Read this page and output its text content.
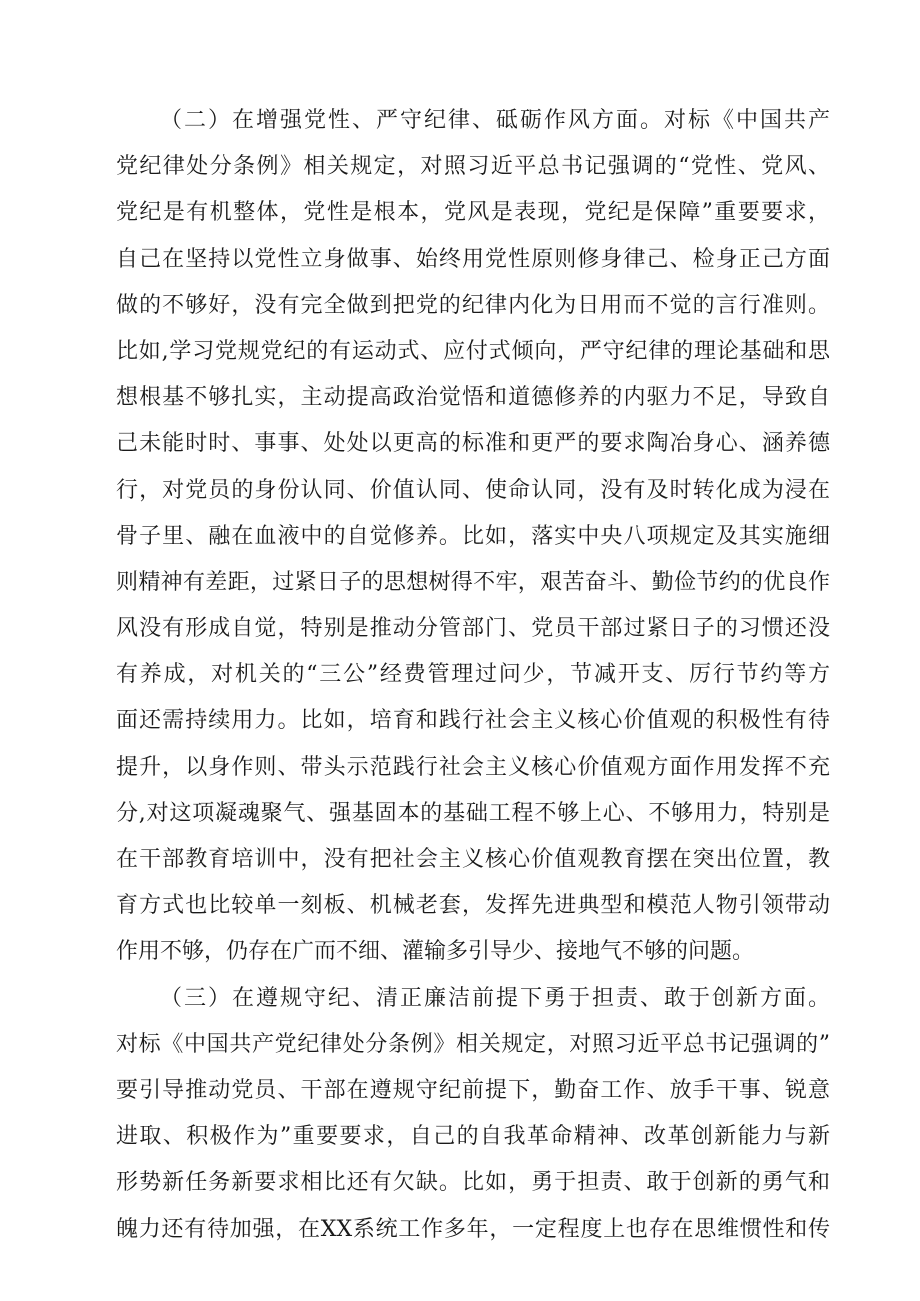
（二）在增强党性、严守纪律、砥砺作风方面。对标《中国共产
党纪律处分条例》相关规定，对照习近平总书记强调的“党性、党风、
党纪是有机整体，党性是根本，党风是表现，党纪是保障”重要要求，
自己在坚持以党性立身做事、始终用党性原则修身律己、检身正己方面
做的不够好，没有完全做到把党的纪律内化为日用而不觉的言行准则。
比如,学习党规党纪的有运动式、应付式倾向，严守纪律的理论基础和思
想根基不够扎实，主动提高政治觉悟和道德修养的内驱力不足，导致自
己未能时时、事事、处处以更高的标准和更严的要求陶冶身心、涵养德
行，对党员的身份认同、价值认同、使命认同，没有及时转化成为浸在
骨子里、融在血液中的自觉修养。比如，落实中央八项规定及其实施细
则精神有差距，过紧日子的思想树得不牢，艰苦奋斗、勤俭节约的优良作
风没有形成自觉，特别是推动分管部门、党员干部过紧日子的习惯还没
有养成，对机关的“三公”经费管理过问少，节减开支、厉行节约等方
面还需持续用力。比如，培育和践行社会主义核心价值观的积极性有待
提升，以身作则、带头示范践行社会主义核心价值观方面作用发挥不充
分,对这项凝魂聚气、强基固本的基础工程不够上心、不够用力，特别是
在干部教育培训中，没有把社会主义核心价值观教育摆在突出位置，教
育方式也比较单一刻板、机械老套，发挥先进典型和模范人物引领带动
作用不够，仍存在广而不细、灌输多引导少、接地气不够的问题。
（三）在遵规守纪、清正廉洁前提下勇于担责、敢于创新方面。
对标《中国共产党纪律处分条例》相关规定，对照习近平总书记强调的”
要引导推动党员、干部在遵规守纪前提下，勤奋工作、放手干事、锐意
进取、积极作为”重要要求，自己的自我革命精神、改革创新能力与新
形势新任务新要求相比还有欠缺。比如，勇于担责、敢于创新的勇气和
魄力还有待加强，在XX系统工作多年，一定程度上也存在思维惯性和传
